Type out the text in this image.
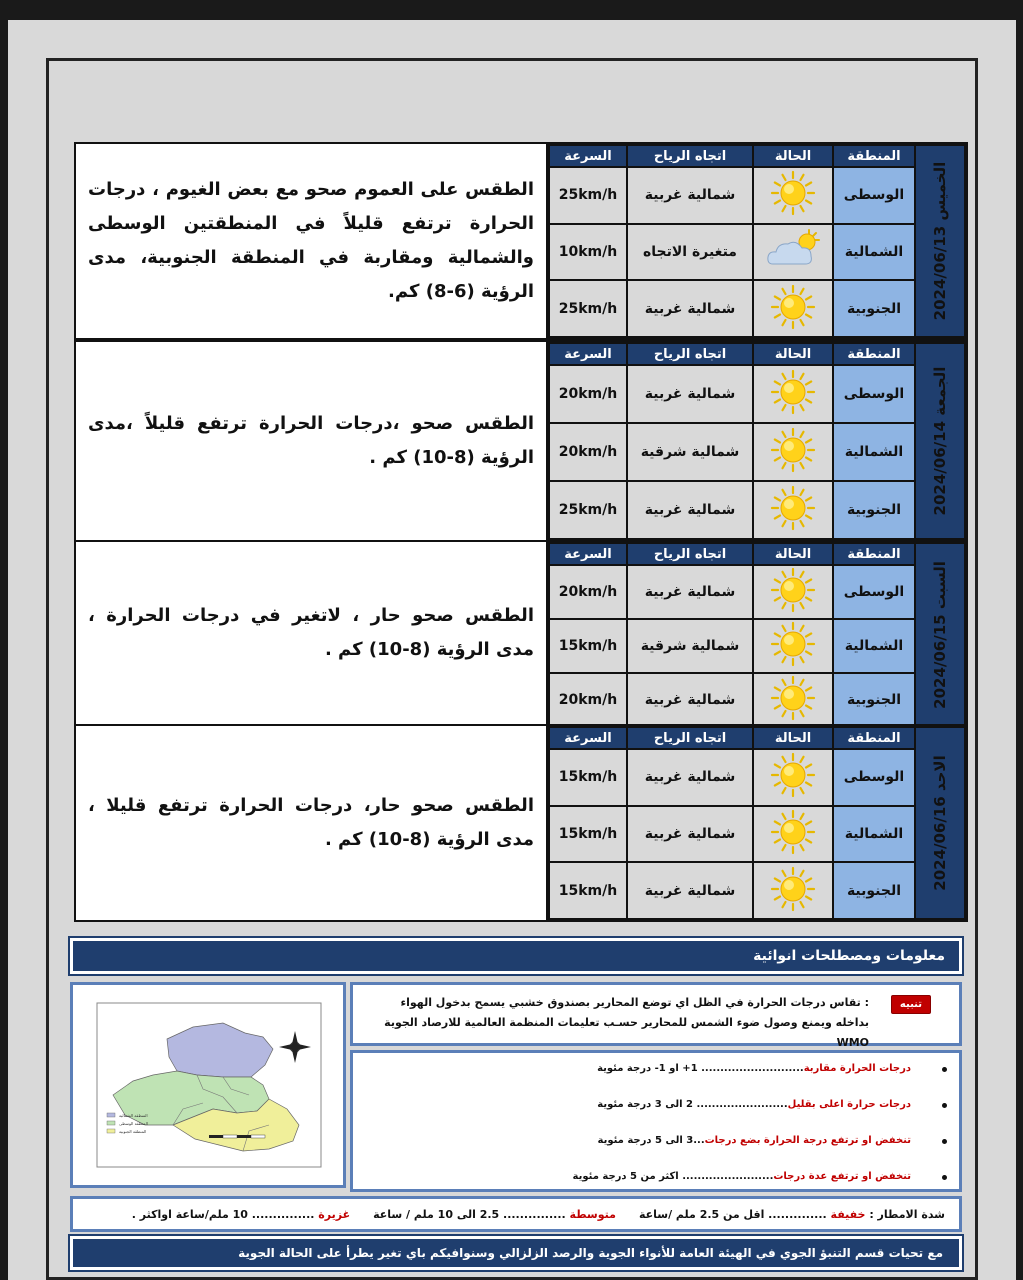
الطقس على العموم صحو مع بعض الغيوم ، درجات الحرارة ترتفع قليلاً في المنطقتين الوسطى والشمالية ومقاربة في المنطقة الجنوبية، مدى الرؤية (6-8) كم.
السرعة	اتجاه الرياح	الحالة	المنطقة	الخميس 2024/06/13

25km/h	شمالية غربية		الوسطى	
10km/h	متغيرة الاتجاه		الشمالية	
25km/h	شمالية غربية		الجنوبية	
الطقس صحو ،درجات الحرارة ترتفع قليلاً ،مدى الرؤية (8-10) كم .
السرعة	اتجاه الرياح	الحالة	المنطقة	الجمعة 2024/06/14

20km/h	شمالية غربية		الوسطى	
20km/h	شمالية شرقية		الشمالية	
25km/h	شمالية غربية		الجنوبية	
الطقس صحو حار ، لاتغير في درجات الحرارة ، مدى الرؤية (8-10) كم .
السرعة	اتجاه الرياح	الحالة	المنطقة	السبت 2024/06/15

20km/h	شمالية غربية		الوسطى	
15km/h	شمالية شرقية		الشمالية	
20km/h	شمالية غربية		الجنوبية	
الطقس صحو حار، درجات الحرارة ترتفع قليلا ، مدى الرؤية (8-10) كم .
السرعة	اتجاه الرياح	الحالة	المنطقة	الاحد 2024/06/16

15km/h	شمالية غربية		الوسطى	
15km/h	شمالية غربية		الشمالية	
15km/h	شمالية غربية		الجنوبية	
معلومات ومصطلحات انوائية
المنطقة الشمالية
المنطقة الوسطى
المنطقة الجنوبية
تنبيه
: تقاس درجات الحرارة في الظل اي توضع المحارير بصندوق خشبي يسمح بدخول الهواء بداخله ويمنع وصول ضوء الشمس للمحارير حسـب تعليمات المنظمة العالمية للارصاد الجوية WMO
درجات الحرارة مقاربة........................... 1+ او 1- درجة مئوية
درجات حرارة اعلى بقليل........................ 2 الى 3 درجة مئوية
تنخفض او ترتفع درجة الحرارة بضع درجات...3 الى 5 درجة مئوية
تنخفض او ترتفع عدة درجات........................ اكثر من 5 درجة مئوية
شدة الامطار :

خفيفة

.............. اقل من 2.5 ملم /ساعة

متوسطة

............... 2.5 الى 10 ملم / ساعة

غزيرة

............... 10 ملم/ساعة اواكثر .
مع تحيات قسم التنبؤ الجوي في الهيئة العامة للأنواء الجوية والرصد الزلزالي وسنوافيكم باي تغير يطرأ على الحالة الجوية
